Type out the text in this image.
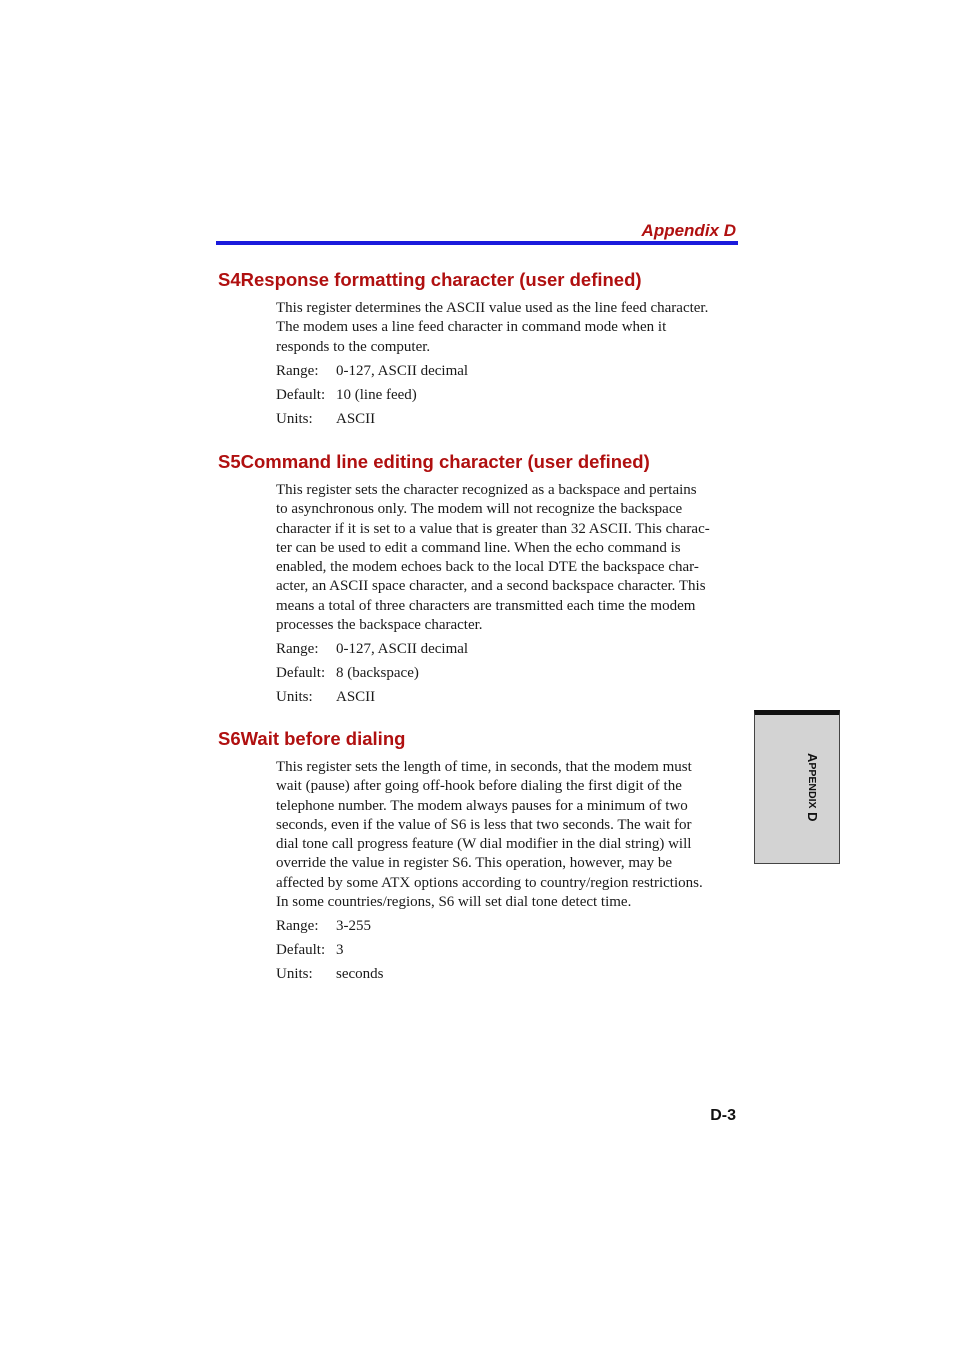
Appendix D
S4Response formatting character (user defined)
This register determines the ASCII value used as the line feed character.
The modem uses a line feed character in command mode when it
responds to the computer.
Range:	0-127, ASCII decimal
Default: 10 (line feed)
Units:	ASCII
S5Command line editing character (user defined)
This register sets the character recognized as a backspace and pertains
to asynchronous only. The modem will not recognize the backspace
character if it is set to a value that is greater than 32 ASCII. This charac-
ter can be used to edit a command line. When the echo command is
enabled, the modem echoes back to the local DTE the backspace char-
acter, an ASCII space character, and a second backspace character. This
means a total of three characters are transmitted each time the modem
processes the backspace character.
Range:	0-127, ASCII decimal
Default: 8 (backspace)
Units:	ASCII
S6Wait before dialing
This register sets the length of time, in seconds, that the modem must
wait (pause) after going off-hook before dialing the first digit of the
telephone number. The modem always pauses for a minimum of two
seconds, even if the value of S6 is less that two seconds. The wait for
dial tone call progress feature (W dial modifier in the dial string) will
override the value in register S6. This operation, however, may be
affected by some ATX options according to country/region restrictions.
In some countries/regions, S6 will set dial tone detect time.
Range:	3-255
Default: 3
Units:	seconds
APPENDIX D
D-3
